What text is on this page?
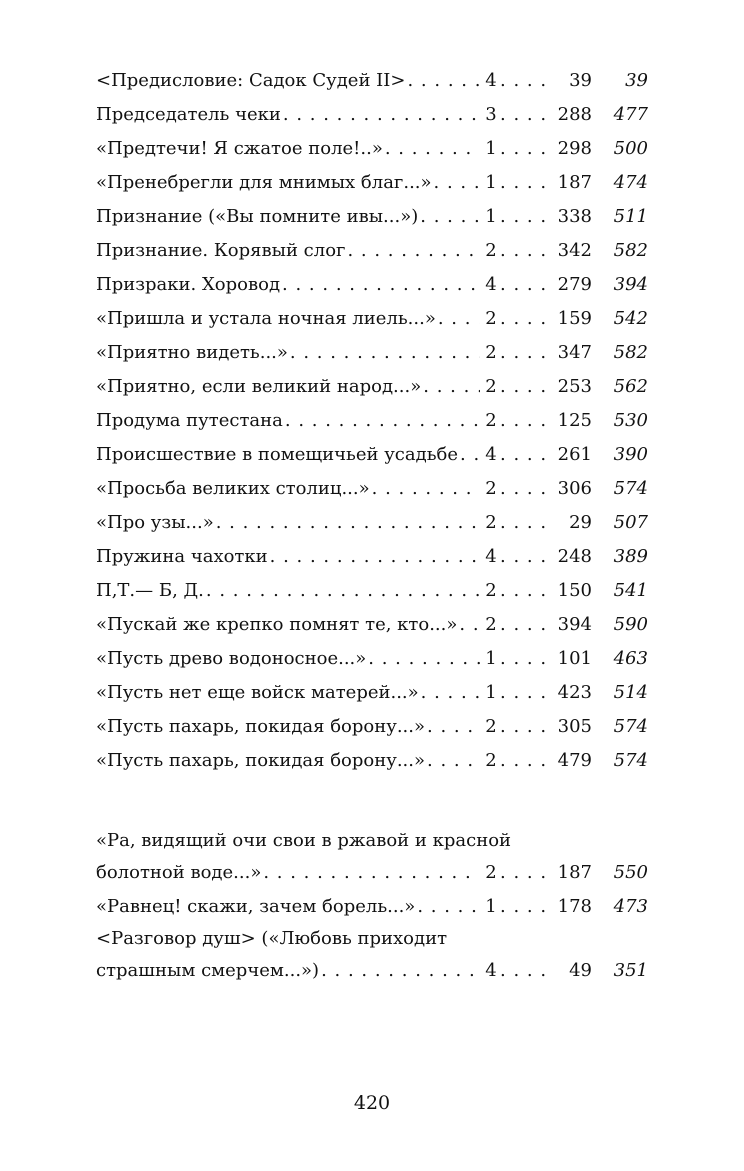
<Предисловие: Садок Судей II> . . .	4 . . .	39	39
Председатель чеки . . .	3 . . .	288	477
«Предтечи! Я сжатое поле!..» . . .	1 . . .	298	500
«Пренебрегли для мнимых благ...» . . .	1 . . .	187	474
Признание («Вы помните ивы...») . . .	1 . . .	338	511
Признание. Корявый слог . . .	2 . . .	342	582
Призраки. Хоровод . . .	4 . . .	279	394
«Пришла и устала ночная лиель...» . . .	2 . . .	159	542
«Приятно видеть...» . . .	2 . . .	347	582
«Приятно, если великий народ...» . . .	2 . . .	253	562
Продума путестана . . .	2 . . .	125	530
Происшествие в помещичьей усадьбе . . . 4 . . .	261	390
«Просьба великих столиц...» . . .	2 . . .	306	574
«Про узы...» . . .	2 . . .	29	507
Пружина чахотки . . .	4 . . .	248	389
П,Т.— Б, Д. . . .	2 . . .	150	541
«Пускай же крепко помнят те, кто...» . . . 2 . . .	394	590
«Пусть древо водоносное...» . . .	1 . . .	101	463
«Пусть нет еще войск матерей...» . . .	1 . . .	423	514
«Пусть пахарь, покидая борону...» . . .	2 . . .	305	574
«Пусть пахарь, покидая борону...» . . .	2 . . .	479	574
«Ра, видящий очи свои в ржавой и красной
болотной воде...» . . .	2 . . .	187	550
«Равнец! скажи, зачем борель...» . . .	1 . . .	178	473
<Разговор душ> («Любовь приходит
страшным смерчем...») . . .	4 . . .	49	351
420
